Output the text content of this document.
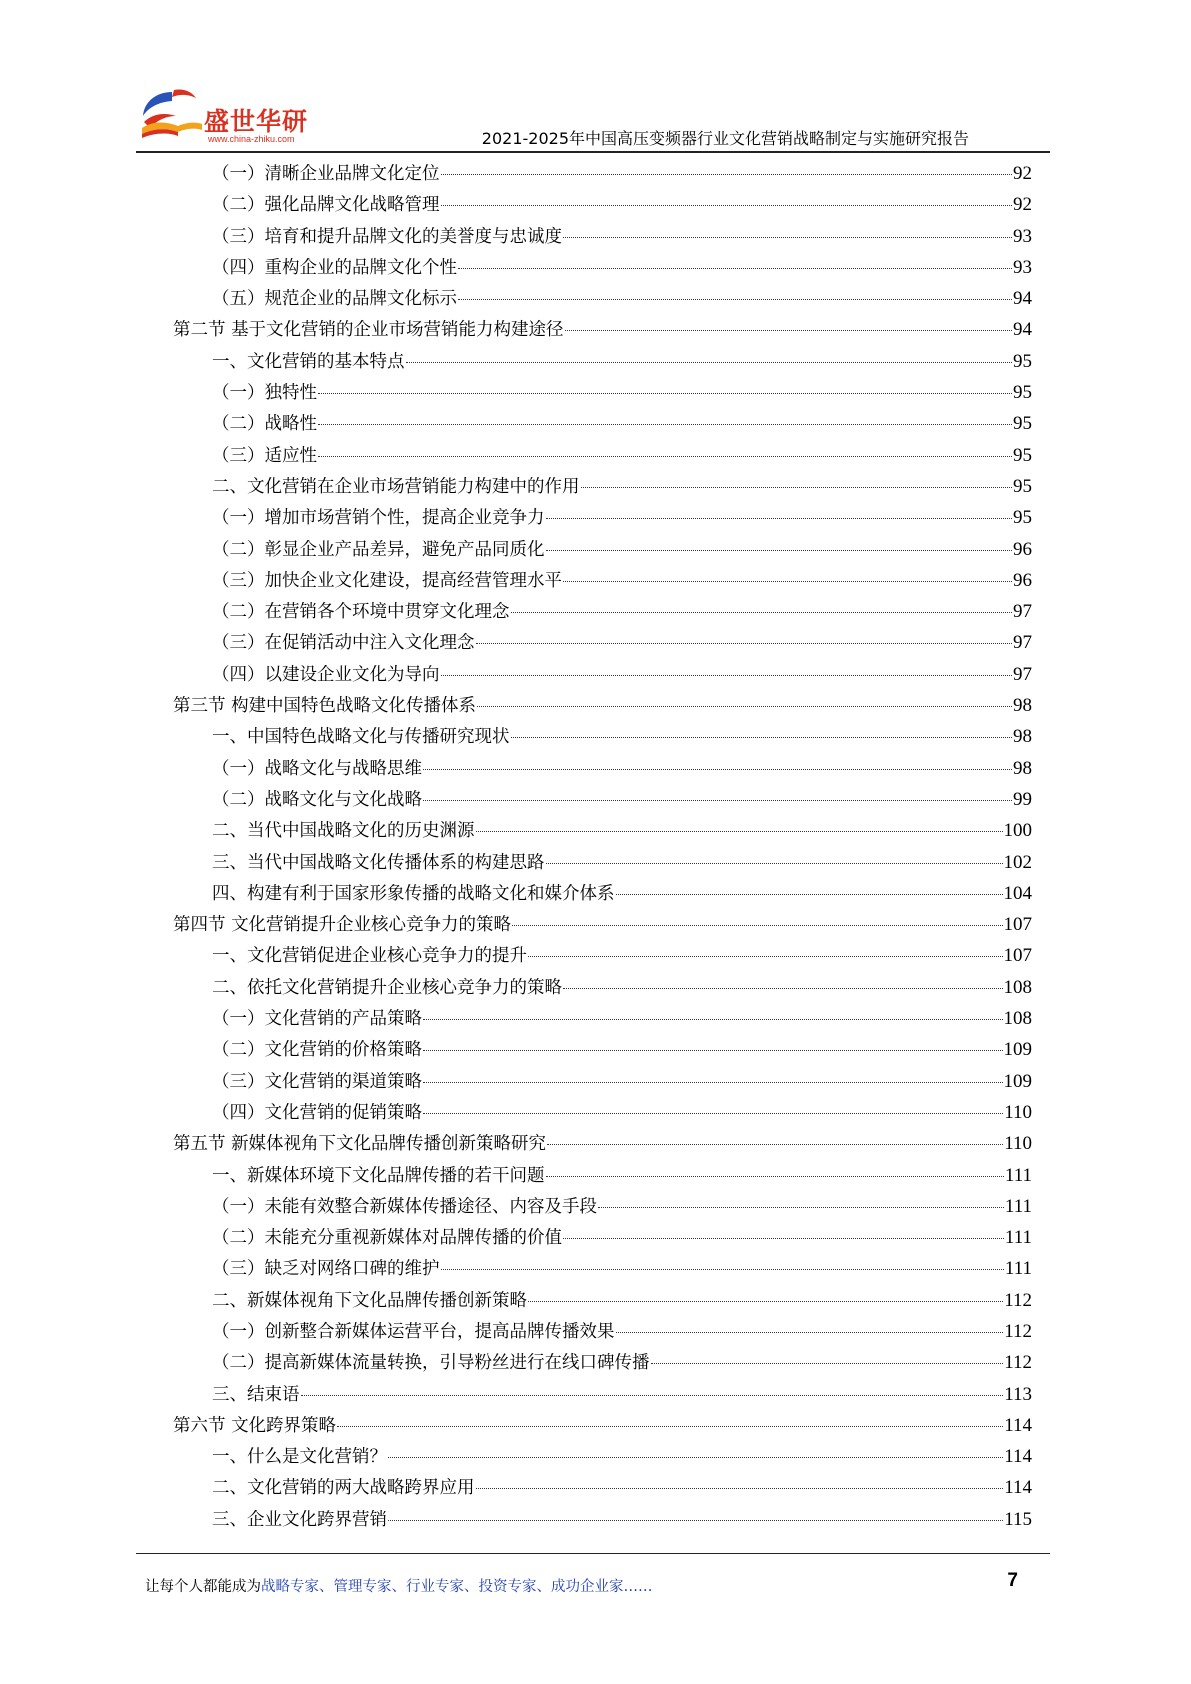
盛世华研
www.china-zhiku.com	2021-2025年中国高压变频器行业文化营销战略制定与实施研究报告
（一）清晰企业品牌文化定位	92
（二）强化品牌文化战略管理	92
（三）培育和提升品牌文化的美誉度与忠诚度	93
（四）重构企业的品牌文化个性	93
（五）规范企业的品牌文化标示	94
第二节 基于文化营销的企业市场营销能力构建途径	94
一、文化营销的基本特点	95
（一）独特性	95
（二）战略性	95
（三）适应性	95
二、文化营销在企业市场营销能力构建中的作用	95
（一）增加市场营销个性，提高企业竞争力	95
（二）彰显企业产品差异，避免产品同质化	96
（三）加快企业文化建设，提高经营管理水平	96
（二）在营销各个环境中贯穿文化理念	97
（三）在促销活动中注入文化理念	97
（四）以建设企业文化为导向	97
第三节 构建中国特色战略文化传播体系	98
一、中国特色战略文化与传播研究现状	98
（一）战略文化与战略思维	98
（二）战略文化与文化战略	99
二、当代中国战略文化的历史渊源	100
三、当代中国战略文化传播体系的构建思路	102
四、构建有利于国家形象传播的战略文化和媒介体系	104
第四节 文化营销提升企业核心竞争力的策略	107
一、文化营销促进企业核心竞争力的提升	107
二、依托文化营销提升企业核心竞争力的策略	108
（一）文化营销的产品策略	108
（二）文化营销的价格策略	109
（三）文化营销的渠道策略	109
（四）文化营销的促销策略	110
第五节 新媒体视角下文化品牌传播创新策略研究	110
一、新媒体环境下文化品牌传播的若干问题	111
（一）未能有效整合新媒体传播途径、内容及手段	111
（二）未能充分重视新媒体对品牌传播的价值	111
（三）缺乏对网络口碑的维护	111
二、新媒体视角下文化品牌传播创新策略	112
（一）创新整合新媒体运营平台，提高品牌传播效果	112
（二）提高新媒体流量转换，引导粉丝进行在线口碑传播	112
三、结束语	113
第六节 文化跨界策略	114
一、什么是文化营销？	114
二、文化营销的两大战略跨界应用	114
三、企业文化跨界营销	115
让每个人都能成为战略专家、管理专家、行业专家、投资专家、成功企业家……	7
